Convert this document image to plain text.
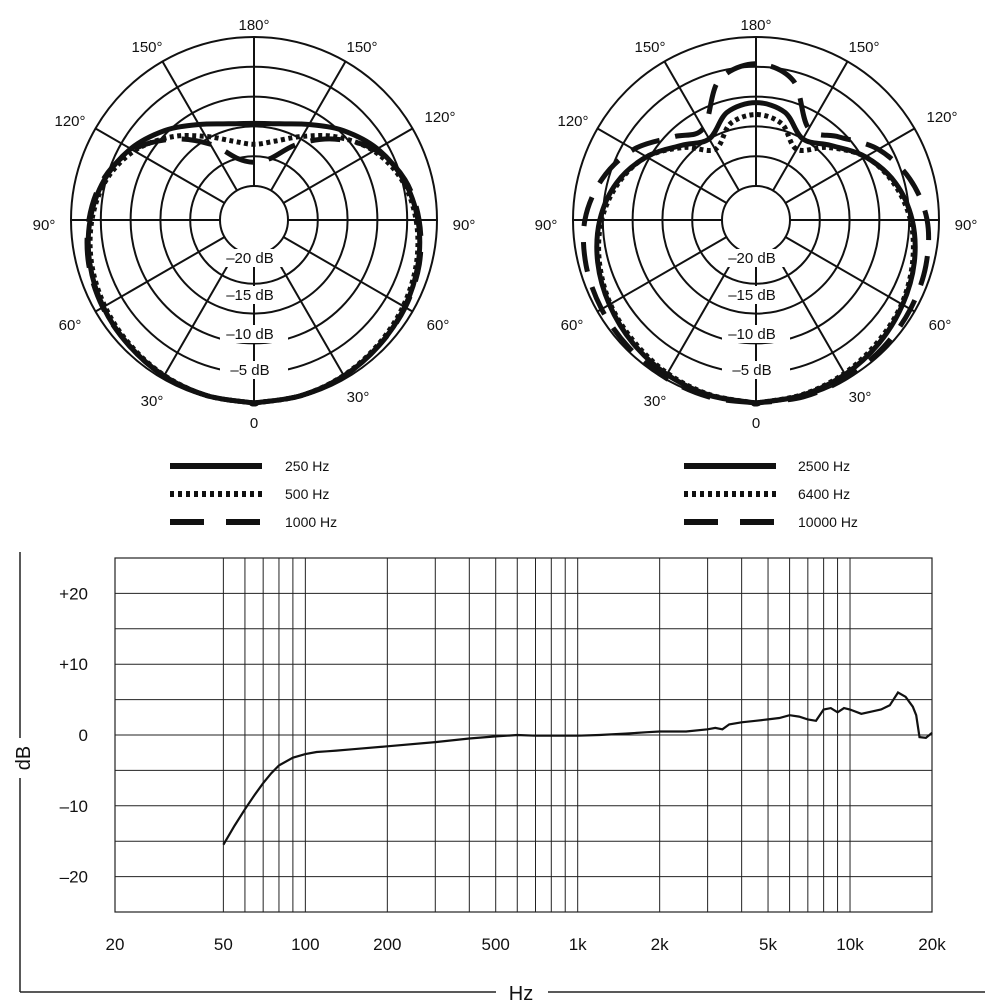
180°
150°	150°
120°	120°
90°	90°
60°	60°
30°	30°
0
–20 dB
–15 dB
–10 dB
–5 dB
180°
150°	150°
120°	120°
90°	90°
60°	60°
30°	30°
0
–20 dB
–15 dB
–10 dB
–5 dB
250 Hz
500 Hz
1000 Hz
2500 Hz
6400 Hz
10000 Hz
+20
+10
0
–10
–20
20	50	100	200	500	1k	2k	5k	10k	20k
dB
Hz
